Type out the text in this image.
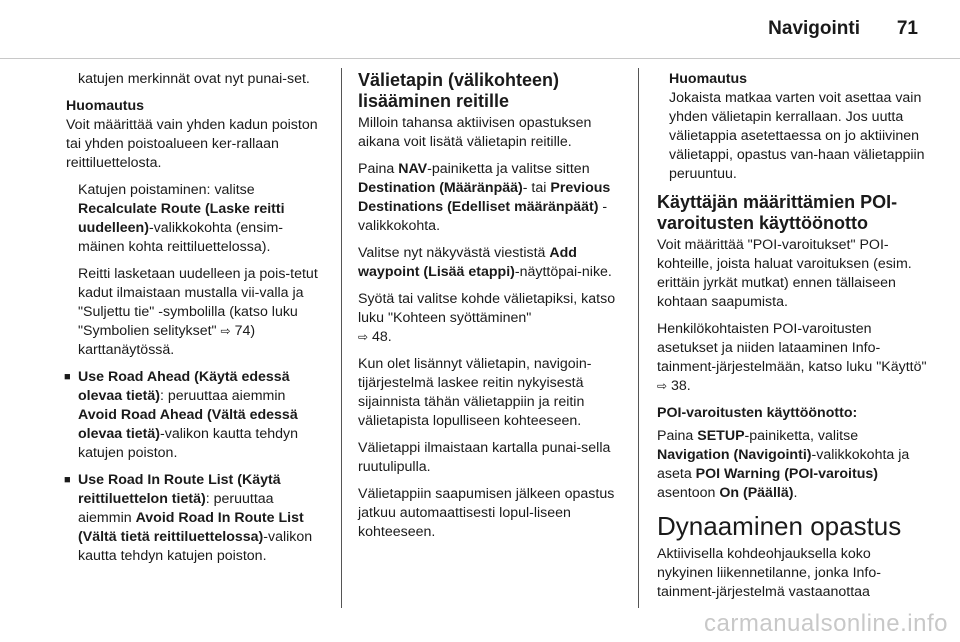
Navigointi 71

katujen merkinnät ovat nyt punai-set.

Huomautus

Voit määrittää vain yhden kadun poiston tai yhden poistoalueen ker-rallaan reittiluettelosta.

Katujen poistaminen: valitse Recalculate Route (Laske reitti uudelleen)-valikkokohta (ensim-mäinen kohta reittiluettelossa).

Reitti lasketaan uudelleen ja pois-tetut kadut ilmaistaan mustalla vii-valla ja "Suljettu tie" -symbolilla (katso luku "Symbolien selitykset" ⇨ 74) karttanäytössä.

■ Use Road Ahead (Käytä edessä olevaa tietä): peruuttaa aiemmin Avoid Road Ahead (Vältä edessä olevaa tietä)-valikon kautta tehdyn katujen poiston.
■ Use Road In Route List (Käytä reittiluettelon tietä): peruuttaa aiemmin Avoid Road In Route List (Vältä tietä reittiluettelossa)-valikon kautta tehdyn katujen poiston.

Välietapin (välikohteen) lisääminen reitille

Milloin tahansa aktiivisen opastuksen aikana voit lisätä välietapin reitille.

Paina NAV-painiketta ja valitse sitten Destination (Määränpää)- tai Previous Destinations (Edelliset määränpäät) -valikkokohta.

Valitse nyt näkyvästä viestistä Add waypoint (Lisää etappi)-näyttöpai-nike.

Syötä tai valitse kohde välietapiksi, katso luku "Kohteen syöttäminen"
⇨ 48.

Kun olet lisännyt välietapin, navigoin-tijärjestelmä laskee reitin nykyisestä sijainnista tähän välietappiin ja reitin välietapista lopulliseen kohteeseen.

Välietappi ilmaistaan kartalla punai-sella ruutulipulla.

Välietappiin saapumisen jälkeen opastus jatkuu automaattisesti lopul-liseen kohteeseen.

Huomautus

Jokaista matkaa varten voit asettaa vain yhden välietapin kerrallaan. Jos uutta välietappia asetettaessa on jo aktiivinen välietappi, opastus van-haan välietappiin peruuntuu.

Käyttäjän määrittämien POI-varoitusten käyttöönotto

Voit määrittää "POI-varoitukset" POI-kohteille, joista haluat varoituksen (esim. erittäin jyrkät mutkat) ennen tällaiseen kohtaan saapumista.

Henkilökohtaisten POI-varoitusten asetukset ja niiden lataaminen Info-tainment-järjestelmään, katso luku "Käyttö" ⇨ 38.

POI-varoitusten käyttöönotto:

Paina SETUP-painiketta, valitse Navigation (Navigointi)-valikkokohta ja aseta POI Warning (POI-varoitus) asentoon On (Päällä).

Dynaaminen opastus

Aktiivisella kohdeohjauksella koko nykyinen liikennetilanne, jonka Info-tainment-järjestelmä vastaanottaa

carmanualsonline.info
